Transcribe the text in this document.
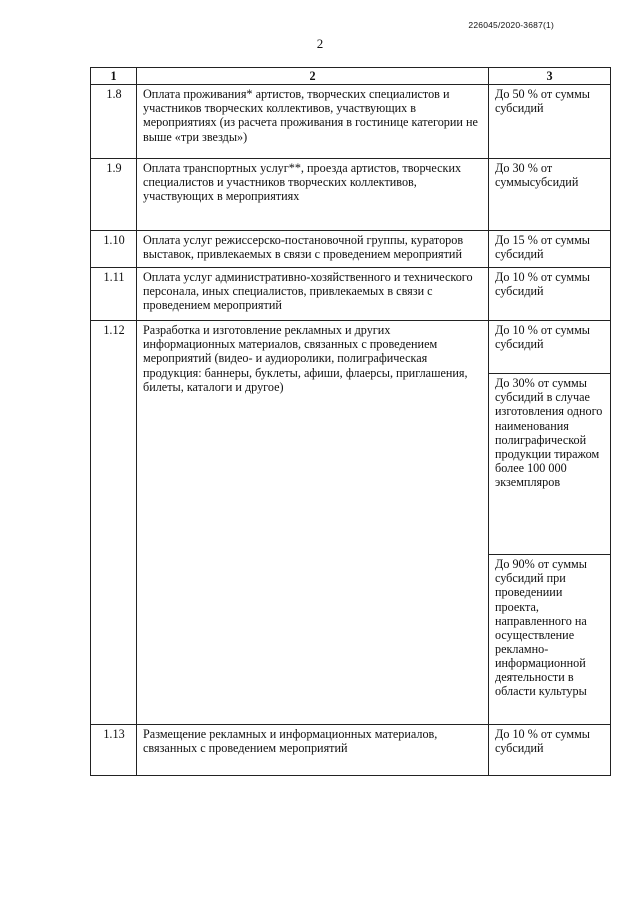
226045/2020-3687(1)
2
1	2	3
1.8	Оплата проживания* артистов, творческих специалистов и участников творческих коллективов, участвующих в мероприятиях (из расчета проживания в гостинице категории не выше «три звезды»)	До 50 % от суммы субсидий
1.9	Оплата транспортных услуг**, проезда артистов, творческих специалистов и участников творческих коллективов, участвующих в мероприятиях	До 30 % от суммысубсидий
1.10	Оплата услуг режиссерско-постановочной группы, кураторов выставок, привлекаемых в связи с проведением мероприятий	До 15 % от суммы субсидий
1.11	Оплата услуг административно-хозяйственного и технического персонала, иных специалистов, привлекаемых в связи с проведением мероприятий	До 10 % от суммы субсидий
1.12	Разработка и изготовление рекламных и других информационных материалов, связанных с проведением мероприятий (видео- и аудиоролики, полиграфическая продукция: баннеры, буклеты, афиши, флаерсы, приглашения, билеты, каталоги и другое)	До 10 % от суммы субсидий
		До 30% от суммы субсидий в случае изготовления одного наименования полиграфической продукции тиражом более 100 000 экземпляров
		До 90% от суммы субсидий при проведениии проекта, направленного на осуществление рекламно-информационной деятельности в области культуры
1.13	Размещение рекламных и информационных материалов, связанных с проведением мероприятий	До 10 % от суммы субсидий
